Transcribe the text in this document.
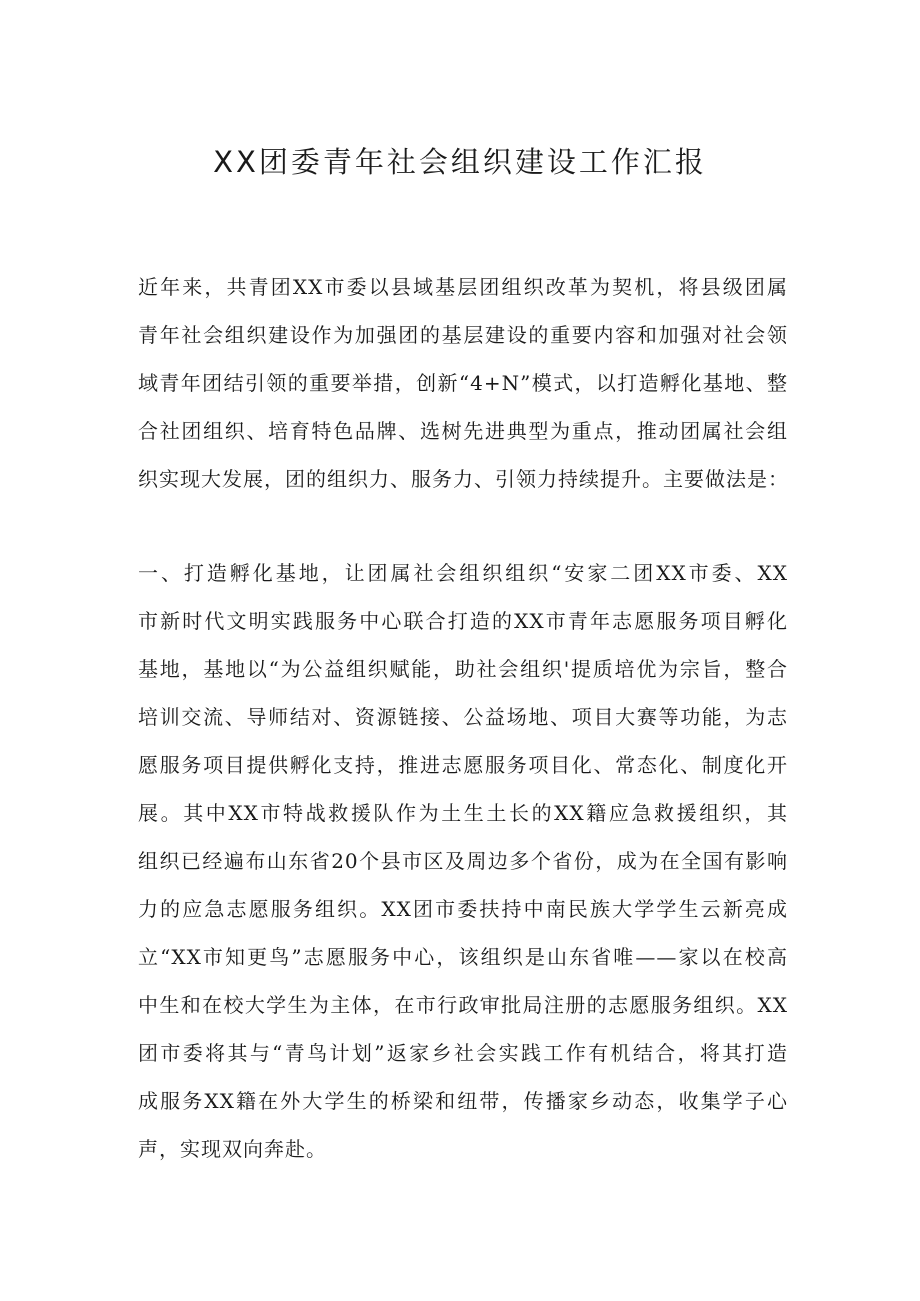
XX团委青年社会组织建设工作汇报
近年来，共青团XX市委以县域基层团组织改革为契机，将县级团属
青年社会组织建设作为加强团的基层建设的重要内容和加强对社会领
域青年团结引领的重要举措，创新“4+N”模式，以打造孵化基地、整
合社团组织、培育特色品牌、选树先进典型为重点，推动团属社会组
织实现大发展，团的组织力、服务力、引领力持续提升。主要做法是：
一、打造孵化基地，让团属社会组织组织“安家二团XX市委、XX
市新时代文明实践服务中心联合打造的XX市青年志愿服务项目孵化
基地，基地以“为公益组织赋能，助社会组织'提质培优为宗旨，整合
培训交流、导师结对、资源链接、公益场地、项目大赛等功能，为志
愿服务项目提供孵化支持，推进志愿服务项目化、常态化、制度化开
展。其中XX市特战救援队作为土生土长的XX籍应急救援组织，其
组织已经遍布山东省20个县市区及周边多个省份，成为在全国有影响
力的应急志愿服务组织。XX团市委扶持中南民族大学学生云新亮成
立“XX市知更鸟”志愿服务中心，该组织是山东省唯——家以在校高
中生和在校大学生为主体，在市行政审批局注册的志愿服务组织。XX
团市委将其与“青鸟计划”返家乡社会实践工作有机结合，将其打造
成服务XX籍在外大学生的桥梁和纽带，传播家乡动态，收集学子心
声，实现双向奔赴。
